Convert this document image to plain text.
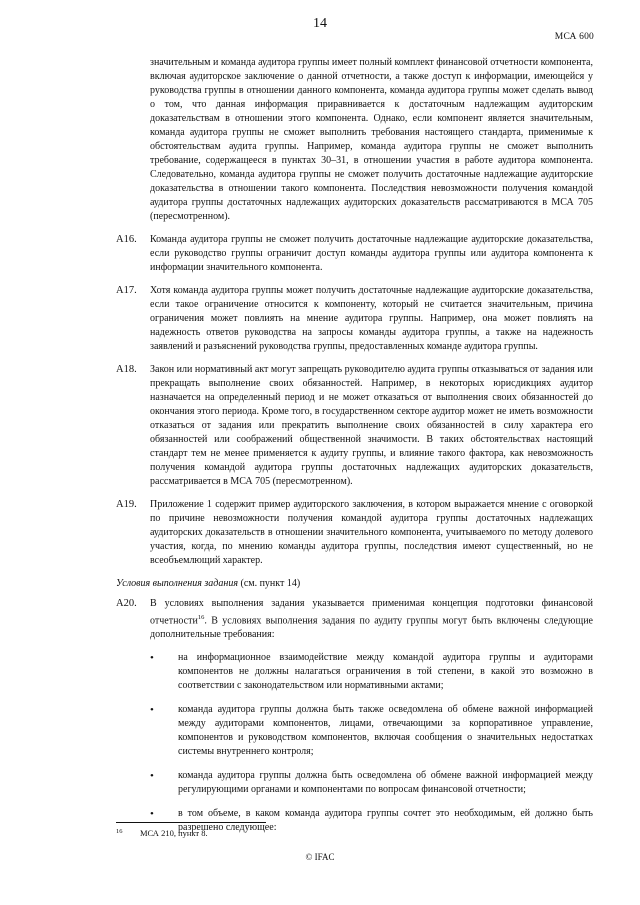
14
МСА 600
значительным и команда аудитора группы имеет полный комплект финансовой отчетности компонента, включая аудиторское заключение о данной отчетности, а также доступ к информации, имеющейся у руководства группы в отношении данного компонента, команда аудитора группы может сделать вывод о том, что данная информация приравнивается к достаточным надлежащим аудиторским доказательствам в отношении этого компонента. Однако, если компонент является значительным, команда аудитора группы не сможет выполнить требования настоящего стандарта, применимые к обстоятельствам аудита группы. Например, команда аудитора группы не сможет выполнить требование, содержащееся в пунктах 30–31, в отношении участия в работе аудитора компонента. Следовательно, команда аудитора группы не сможет получить достаточные надлежащие аудиторские доказательства в отношении такого компонента. Последствия невозможности получения командой аудитора группы достаточных надлежащих аудиторских доказательств рассматриваются в МСА 705 (пересмотренном).
A16. Команда аудитора группы не сможет получить достаточные надлежащие аудиторские доказательства, если руководство группы ограничит доступ команды аудитора группы или аудитора компонента к информации значительного компонента.
A17. Хотя команда аудитора группы может получить достаточные надлежащие аудиторские доказательства, если такое ограничение относится к компоненту, который не считается значительным, причина ограничения может повлиять на мнение аудитора группы. Например, она может повлиять на надежность ответов руководства на запросы команды аудитора группы, а также на надежность заявлений и разъяснений руководства группы, предоставленных команде аудитора группы.
A18. Закон или нормативный акт могут запрещать руководителю аудита группы отказываться от задания или прекращать выполнение своих обязанностей. Например, в некоторых юрисдикциях аудитор назначается на определенный период и не может отказаться от выполнения своих обязанностей до окончания этого периода. Кроме того, в государственном секторе аудитор может не иметь возможности отказаться от задания или прекратить выполнение своих обязанностей в силу характера его обязанностей или соображений общественной значимости. В таких обстоятельствах настоящий стандарт тем не менее применяется к аудиту группы, и влияние такого фактора, как невозможность получения командой аудитора группы достаточных надлежащих аудиторских доказательств, рассматривается в МСА 705 (пересмотренном).
A19. Приложение 1 содержит пример аудиторского заключения, в котором выражается мнение с оговоркой по причине невозможности получения командой аудитора группы достаточных надлежащих аудиторских доказательств в отношении значительного компонента, учитываемого по методу долевого участия, когда, по мнению команды аудитора группы, последствия имеют существенный, но не всеобъемлющий характер.
Условия выполнения задания (см. пункт 14)
A20. В условиях выполнения задания указывается применимая концепция подготовки финансовой отчетности$^{16}$. В условиях выполнения задания по аудиту группы могут быть включены следующие дополнительные требования:
• на информационное взаимодействие между командой аудитора группы и аудиторами компонентов не должны налагаться ограничения в той степени, в какой это возможно в соответствии с законодательством или нормативными актами;
• команда аудитора группы должна быть также осведомлена об обмене важной информацией между аудиторами компонентов, лицами, отвечающими за корпоративное управление, компонентов и руководством компонентов, включая сообщения о значительных недостатках системы внутреннего контроля;
• команда аудитора группы должна быть осведомлена об обмене важной информацией между регулирующими органами и компонентами по вопросам финансовой отчетности;
• в том объеме, в каком команда аудитора группы сочтет это необходимым, ей должно быть разрешено следующее:
16 МСА 210, пункт 8.
© IFAC
